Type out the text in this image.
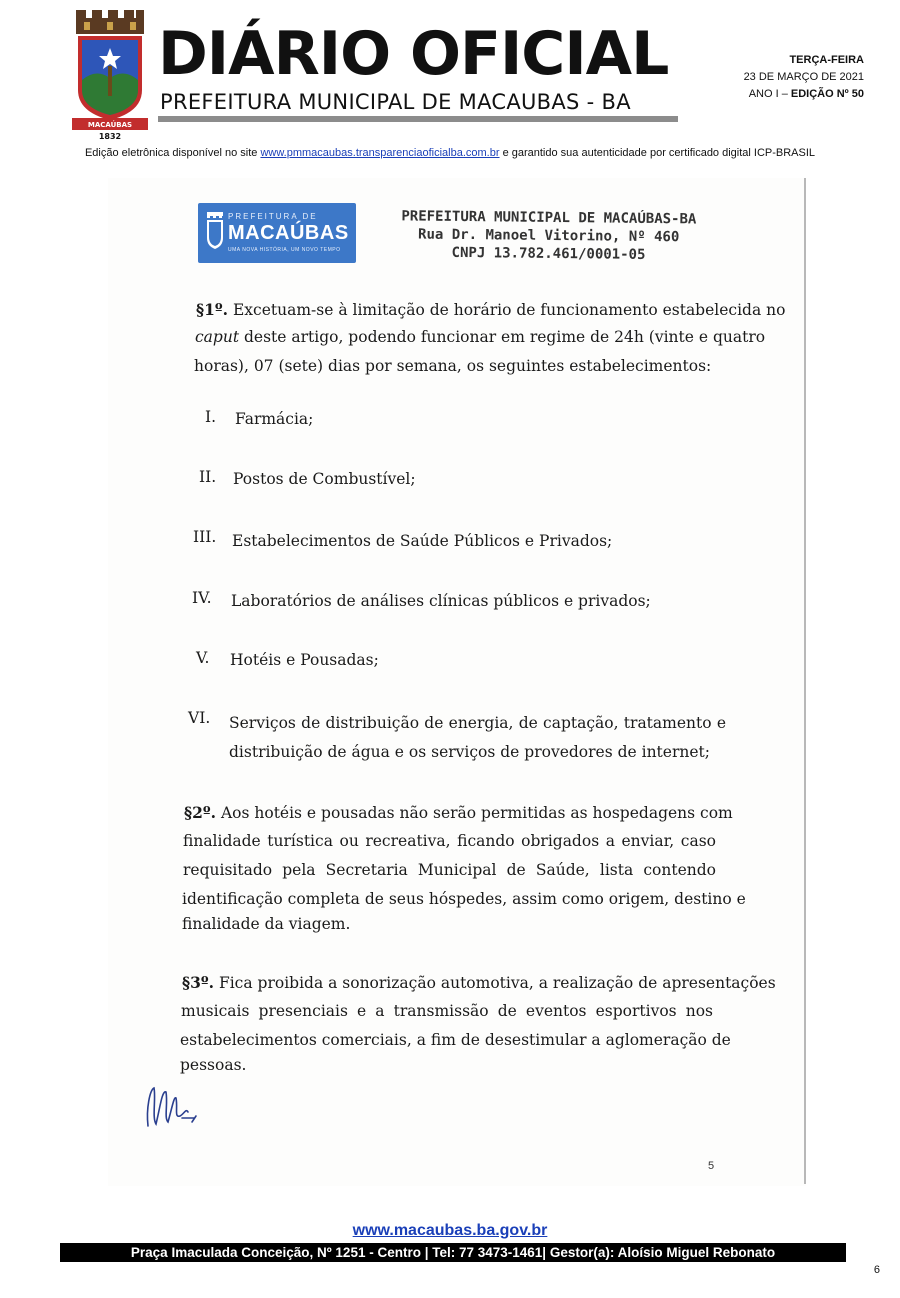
MACAÚBAS
1832
DIÁRIO OFICIAL
PREFEITURA MUNICIPAL DE MACAUBAS - BA
TERÇA-FEIRA
23 DE MARÇO DE 2021
ANO I – EDIÇÃO Nº 50
Edição eletrônica disponível no site www.pmmacaubas.transparenciaoficialba.com.br e garantido sua autenticidade por certificado digital ICP-BRASIL
PREFEITURA DE
MACAÚBAS
UMA NOVA HISTÓRIA, UM NOVO TEMPO
PREFEITURA MUNICIPAL DE MACAÚBAS-BA
Rua Dr. Manoel Vitorino, Nº 460
CNPJ 13.782.461/0001-05
§1º. Excetuam-se à limitação de horário de funcionamento estabelecida no
caput deste artigo, podendo funcionar em regime de 24h (vinte e quatro
horas), 07 (sete) dias por semana, os seguintes estabelecimentos:
I. Farmácia;
II. Postos de Combustível;
III. Estabelecimentos de Saúde Públicos e Privados;
IV. Laboratórios de análises clínicas públicos e privados;
V. Hotéis e Pousadas;
VI. Serviços de distribuição de energia, de captação, tratamento e
distribuição de água e os serviços de provedores de internet;
§2º. Aos hotéis e pousadas não serão permitidas as hospedagens com
finalidade turística ou recreativa, ficando obrigados a enviar, caso
requisitado pela Secretaria Municipal de Saúde, lista contendo
identificação completa de seus hóspedes, assim como origem, destino e
finalidade da viagem.
§3º. Fica proibida a sonorização automotiva, a realização de apresentações
musicais presenciais e a transmissão de eventos esportivos nos
estabelecimentos comerciais, a fim de desestimular a aglomeração de
pessoas.
5
www.macaubas.ba.gov.br
Praça Imaculada Conceição, Nº 1251 - Centro | Tel: 77 3473-1461| Gestor(a): Aloísio Miguel Rebonato
6
